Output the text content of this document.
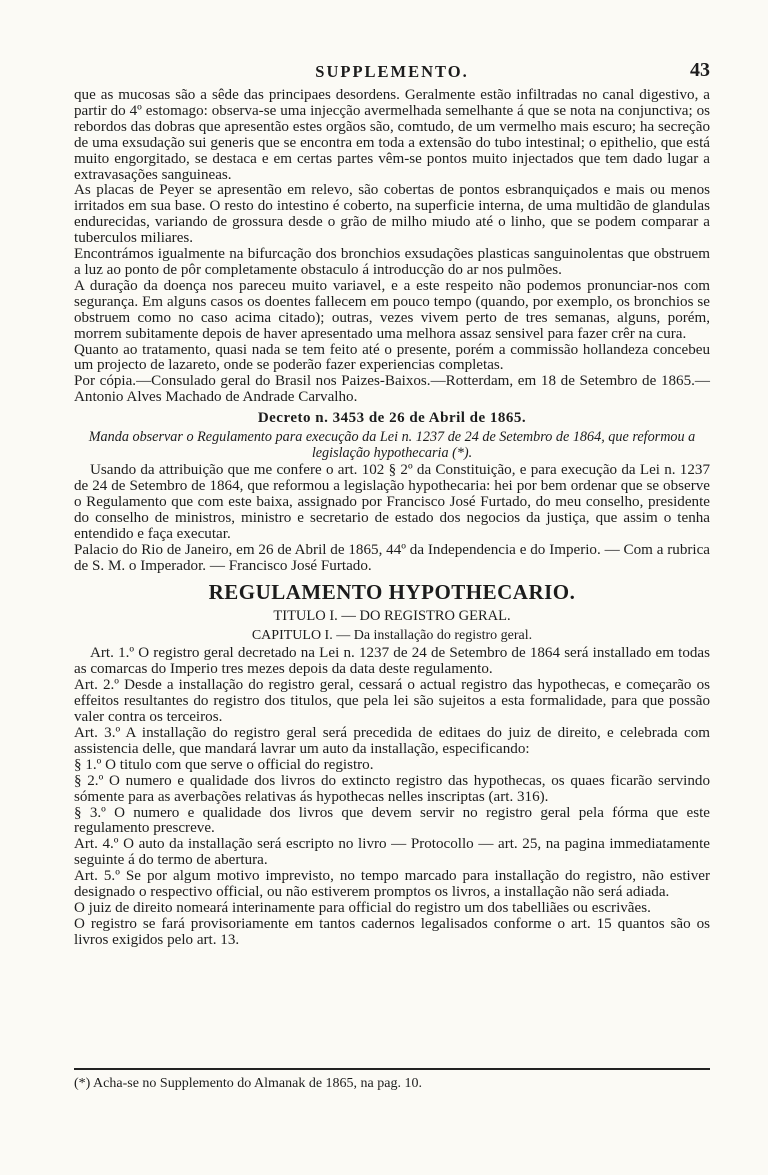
SUPPLEMENTO.	43

que as mucosas são a sêde das principaes desordens. Geralmente estão infiltradas no canal digestivo, a partir do 4º estomago: observa-se uma injecção avermelhada semelhante á que se nota na conjunctiva; os rebordos das dobras que apresentão estes orgãos são, comtudo, de um vermelho mais escuro; ha secreção de uma exsudação sui generis que se encontra em toda a extensão do tubo intestinal; o epithelio, que está muito engorgitado, se destaca e em certas partes vêm-se pontos muito injectados que tem dado lugar a extravasações sanguineas.

As placas de Peyer se apresentão em relevo, são cobertas de pontos esbranquiçados e mais ou menos irritados em sua base. O resto do intestino é coberto, na superficie interna, de uma multidão de glandulas endurecidas, variando de grossura desde o grão de milho miudo até o linho, que se podem comparar a tuberculos miliares.

Encontrámos igualmente na bifurcação dos bronchios exsudações plasticas sanguinolentas que obstruem a luz ao ponto de pôr completamente obstaculo á introducção do ar nos pulmões.

A duração da doença nos pareceu muito variavel, e a este respeito não podemos pronunciar-nos com segurança. Em alguns casos os doentes fallecem em pouco tempo (quando, por exemplo, os bronchios se obstruem como no caso acima citado); outras, vezes vivem perto de tres semanas, alguns, porém, morrem subitamente depois de haver apresentado uma melhora assaz sensivel para fazer crêr na cura.

Quanto ao tratamento, quasi nada se tem feito até o presente, porém a commissão hollandeza concebeu um projecto de lazareto, onde se poderão fazer experiencias completas.

Por cópia.—Consulado geral do Brasil nos Paizes-Baixos.—Rotterdam, em 18 de Setembro de 1865.—Antonio Alves Machado de Andrade Carvalho.

Decreto n. 3453 de 26 de Abril de 1865.

Manda observar o Regulamento para execução da Lei n. 1237 de 24 de Setembro de 1864, que reformou a legislação hypothecaria (*).

Usando da attribuição que me confere o art. 102 § 2º da Constituição, e para execução da Lei n. 1237 de 24 de Setembro de 1864, que reformou a legislação hypothecaria: hei por bem ordenar que se observe o Regulamento que com este baixa, assignado por Francisco José Furtado, do meu conselho, presidente do conselho de ministros, ministro e secretario de estado dos negocios da justiça, que assim o tenha entendido e faça executar.

Palacio do Rio de Janeiro, em 26 de Abril de 1865, 44º da Independencia e do Imperio. — Com a rubrica de S. M. o Imperador. — Francisco José Furtado.

REGULAMENTO HYPOTHECARIO.
TITULO I. — DO REGISTRO GERAL.
CAPITULO I. — Da installação do registro geral.

Art. 1.º O registro geral decretado na Lei n. 1237 de 24 de Setembro de 1864 será installado em todas as comarcas do Imperio tres mezes depois da data deste regulamento.

Art. 2.º Desde a installação do registro geral, cessará o actual registro das hypothecas, e começarão os effeitos resultantes do registro dos titulos, que pela lei são sujeitos a esta formalidade, para que possão valer contra os terceiros.

Art. 3.º A installação do registro geral será precedida de editaes do juiz de direito, e celebrada com assistencia delle, que mandará lavrar um auto da installação, especificando:

§ 1.º O titulo com que serve o official do registro.

§ 2.º O numero e qualidade dos livros do extincto registro das hypothecas, os quaes ficarão servindo sómente para as averbações relativas ás hypothecas nelles inscriptas (art. 316).

§ 3.º O numero e qualidade dos livros que devem servir no registro geral pela fórma que este regulamento prescreve.

Art. 4.º O auto da installação será escripto no livro — Protocollo — art. 25, na pagina immediatamente seguinte á do termo de abertura.

Art. 5.º Se por algum motivo imprevisto, no tempo marcado para installação do registro, não estiver designado o respectivo official, ou não estiverem promptos os livros, a installação não será adiada.

O juiz de direito nomeará interinamente para official do registro um dos tabelliães ou escrivães.

O registro se fará provisoriamente em tantos cadernos legalisados conforme o art. 15 quantos são os livros exigidos pelo art. 13.

(*) Acha-se no Supplemento do Almanak de 1865, na pag. 10.
